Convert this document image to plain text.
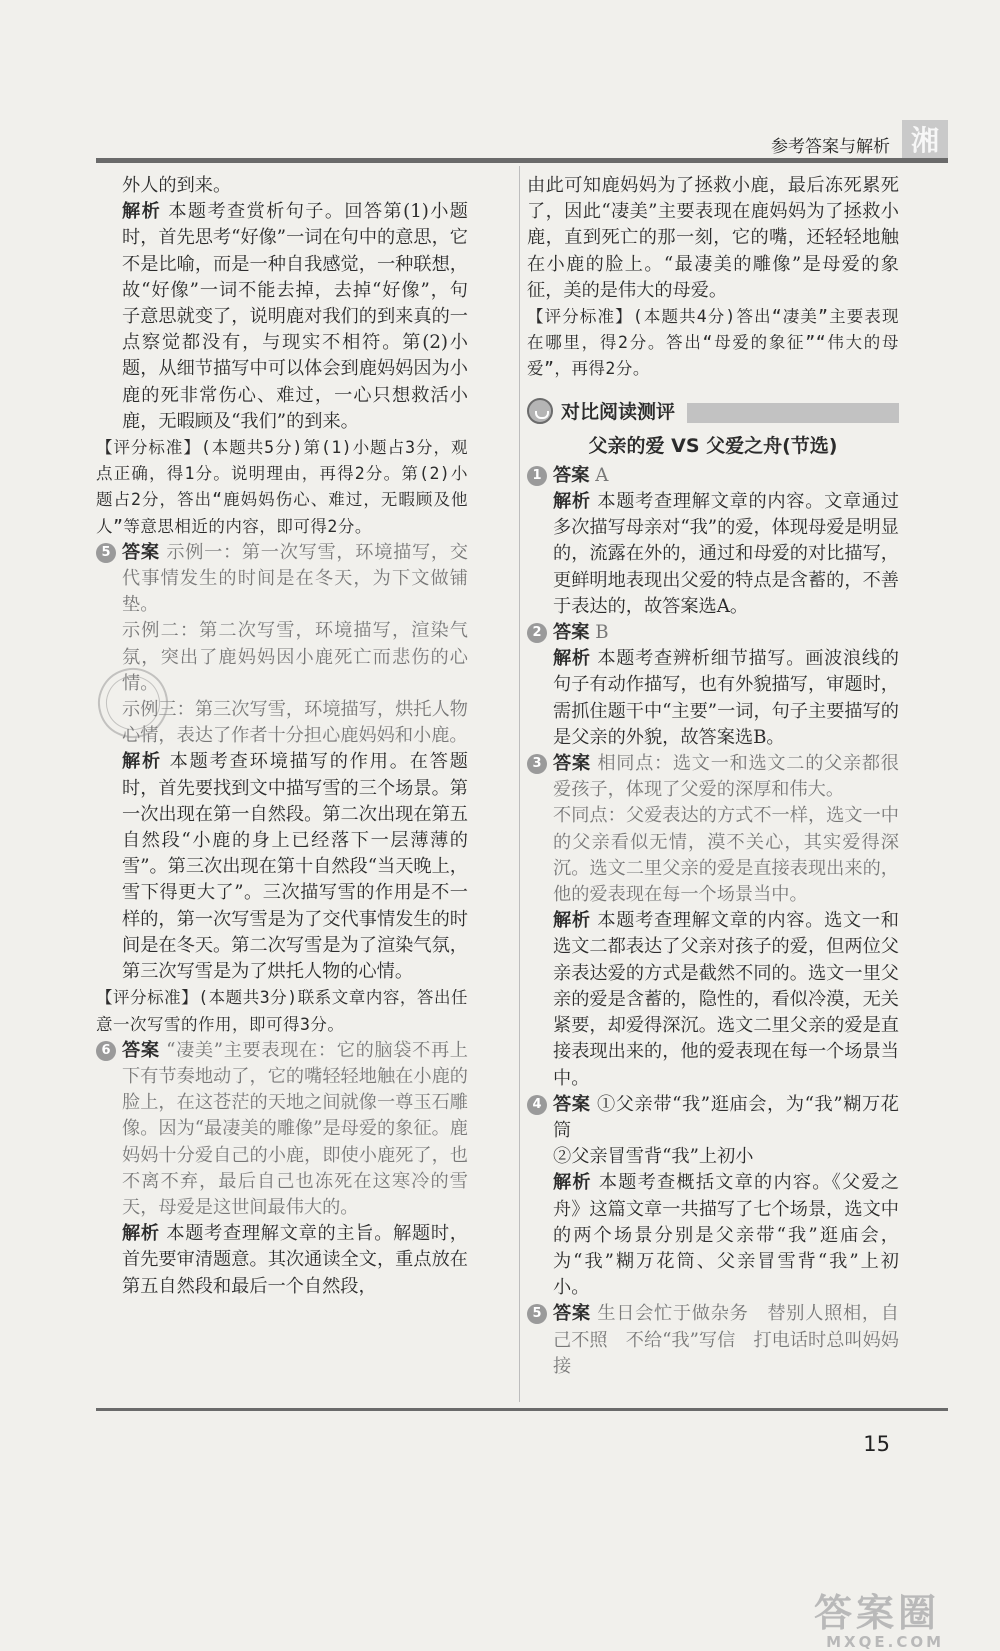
参考答案与解析 湘

外人的到来。

解析 本题考查赏析句子。回答第(1)小题时，首先思考“好像”一词在句中的意思，它不是比喻，而是一种自我感觉，一种联想，故“好像”一词不能去掉，去掉“好像”，句子意思就变了，说明鹿对我们的到来真的一点察觉都没有，与现实不相符。第(2)小题，从细节描写中可以体会到鹿妈妈因为小鹿的死非常伤心、难过，一心只想救活小鹿，无暇顾及“我们”的到来。

【评分标准】(本题共5分)第(1)小题占3分，观点正确，得1分。说明理由，再得2分。第(2)小题占2分，答出“鹿妈妈伤心、难过，无暇顾及他人”等意思相近的内容，即可得2分。

5 答案 示例一：第一次写雪，环境描写，交代事情发生的时间是在冬天，为下文做铺垫。

示例二：第二次写雪，环境描写，渲染气氛，突出了鹿妈妈因小鹿死亡而悲伤的心情。

示例三：第三次写雪，环境描写，烘托人物心情，表达了作者十分担心鹿妈妈和小鹿。

解析 本题考查环境描写的作用。在答题时，首先要找到文中描写雪的三个场景。第一次出现在第一自然段。第二次出现在第五自然段“小鹿的身上已经落下一层薄薄的雪”。第三次出现在第十自然段“当天晚上，雪下得更大了”。三次描写雪的作用是不一样的，第一次写雪是为了交代事情发生的时间是在冬天。第二次写雪是为了渲染气氛，第三次写雪是为了烘托人物的心情。

【评分标准】(本题共3分)联系文章内容，答出任意一次写雪的作用，即可得3分。

6 答案 “凄美”主要表现在：它的脑袋不再上下有节奏地动了，它的嘴轻轻地触在小鹿的脸上，在这苍茫的天地之间就像一尊玉石雕像。因为“最凄美的雕像”是母爱的象征。鹿妈妈十分爱自己的小鹿，即使小鹿死了，也不离不弃，最后自己也冻死在这寒冷的雪天，母爱是这世间最伟大的。

解析 本题考查理解文章的主旨。解题时，首先要审清题意。其次通读全文，重点放在第五自然段和最后一个自然段，

由此可知鹿妈妈为了拯救小鹿，最后冻死累死了，因此“凄美”主要表现在鹿妈妈为了拯救小鹿，直到死亡的那一刻，它的嘴，还轻轻地触在小鹿的脸上。“最凄美的雕像”是母爱的象征，美的是伟大的母爱。

【评分标准】(本题共4分)答出“凄美”主要表现在哪里，得2分。答出“母爱的象征”“伟大的母爱”，再得2分。

对比阅读测评
父亲的爱 VS 父爱之舟(节选)
1 答案 A

解析 本题考查理解文章的内容。文章通过多次描写母亲对“我”的爱，体现母爱是明显的，流露在外的，通过和母爱的对比描写，更鲜明地表现出父爱的特点是含蓄的，不善于表达的，故答案选A。

2 答案 B

解析 本题考查辨析细节描写。画波浪线的句子有动作描写，也有外貌描写，审题时，需抓住题干中“主要”一词，句子主要描写的是父亲的外貌，故答案选B。

3 答案 相同点：选文一和选文二的父亲都很爱孩子，体现了父爱的深厚和伟大。

不同点：父爱表达的方式不一样，选文一中的父亲看似无情，漠不关心，其实爱得深沉。选文二里父亲的爱是直接表现出来的，他的爱表现在每一个场景当中。

解析 本题考查理解文章的内容。选文一和选文二都表达了父亲对孩子的爱，但两位父亲表达爱的方式是截然不同的。选文一里父亲的爱是含蓄的，隐性的，看似冷漠，无关紧要，却爱得深沉。选文二里父亲的爱是直接表现出来的，他的爱表现在每一个场景当中。

4 答案 ①父亲带“我”逛庙会，为“我”糊万花筒

②父亲冒雪背“我”上初小

解析 本题考查概括文章的内容。《父爱之舟》这篇文章一共描写了七个场景，选文中的两个场景分别是父亲带“我”逛庙会，为“我”糊万花筒、父亲冒雪背“我”上初小。

5 答案 生日会忙于做杂务　替别人照相，自己不照　不给“我”写信　打电话时总叫妈妈接

15
答案圈
MXQE.COM
